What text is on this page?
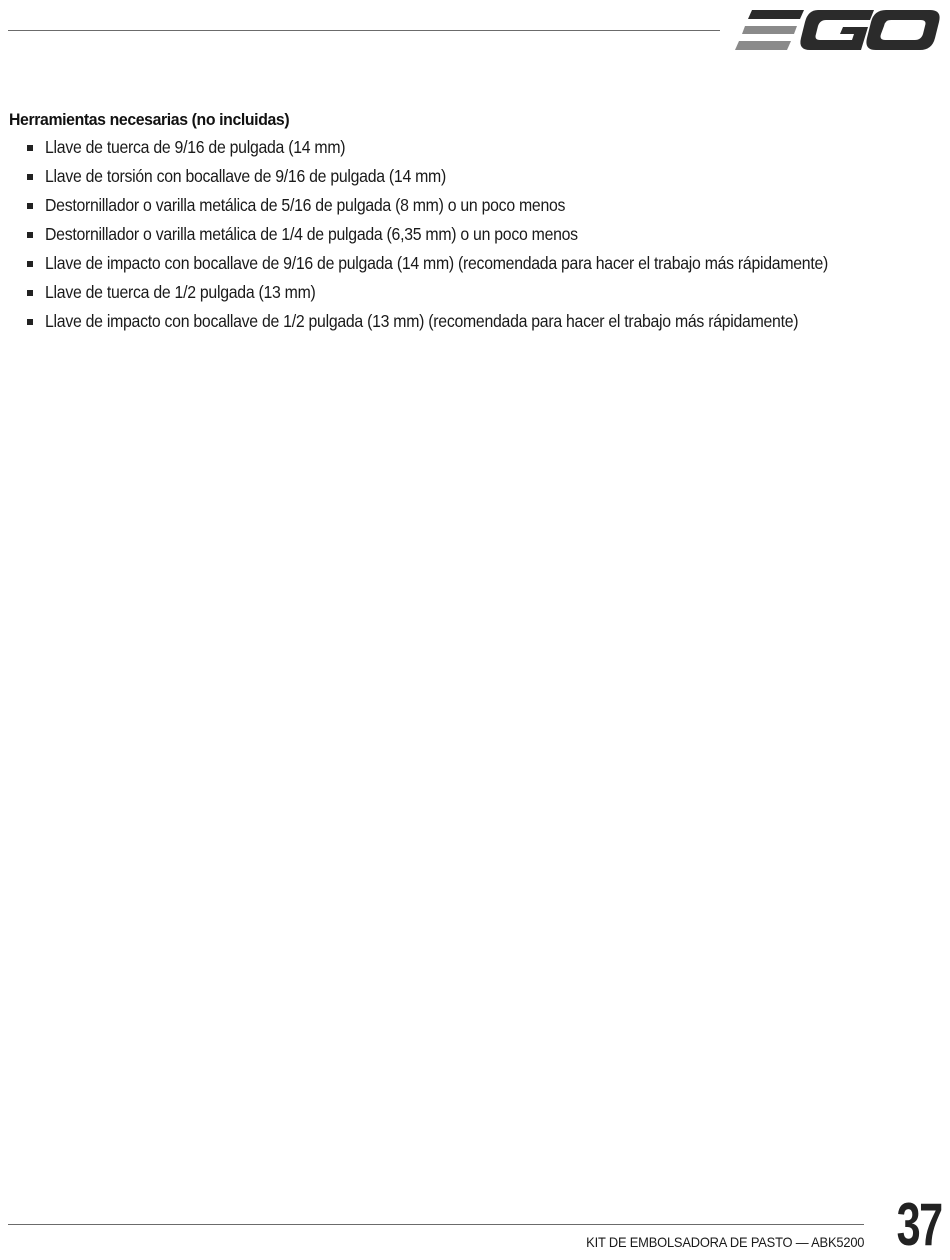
Herramientas necesarias (no incluidas)
Llave de tuerca de 9/16 de pulgada (14 mm)
Llave de torsión con bocallave de 9/16 de pulgada (14 mm)
Destornillador o varilla metálica de 5/16 de pulgada (8 mm) o un poco menos
Destornillador o varilla metálica de 1/4 de pulgada (6,35 mm) o un poco menos
Llave de impacto con bocallave de 9/16 de pulgada (14 mm) (recomendada para hacer el trabajo más rápidamente)
Llave de tuerca de 1/2 pulgada (13 mm)
Llave de impacto con bocallave de 1/2 pulgada (13 mm) (recomendada para hacer el trabajo más rápidamente)
KIT DE EMBOLSADORA DE PASTO — ABK5200 37
